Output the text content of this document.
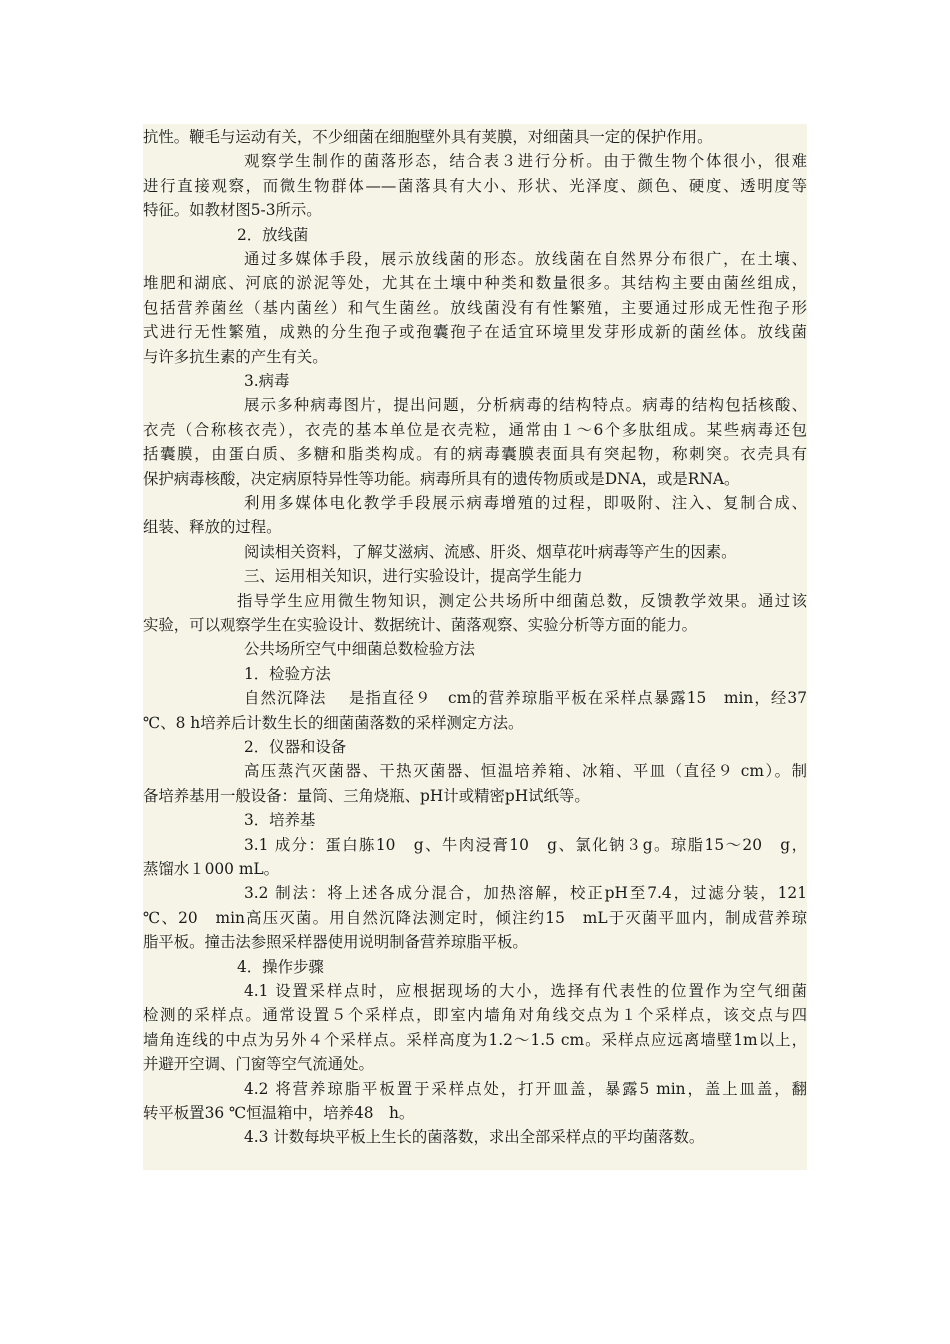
抗性。鞭毛与运动有关，不少细菌在细胞壁外具有荚膜，对细菌具一定的保护作用。
观察学生制作的菌落形态，结合表３进行分析。由于微生物个体很小，很难
进行直接观察，而微生物群体——菌落具有大小、形状、光泽度、颜色、硬度、透明度等
特征。如教材图5-3所示。
2．放线菌
通过多媒体手段，展示放线菌的形态。放线菌在自然界分布很广，在土壤、
堆肥和湖底、河底的淤泥等处，尤其在土壤中种类和数量很多。其结构主要由菌丝组成，
包括营养菌丝（基内菌丝）和气生菌丝。放线菌没有有性繁殖，主要通过形成无性孢子形
式进行无性繁殖，成熟的分生孢子或孢囊孢子在适宜环境里发芽形成新的菌丝体。放线菌
与许多抗生素的产生有关。
3.病毒
展示多种病毒图片，提出问题，分析病毒的结构特点。病毒的结构包括核酸、
衣壳（合称核衣壳），衣壳的基本单位是衣壳粒，通常由１～6个多肽组成。某些病毒还包
括囊膜，由蛋白质、多糖和脂类构成。有的病毒囊膜表面具有突起物，称刺突。衣壳具有
保护病毒核酸，决定病原特异性等功能。病毒所具有的遗传物质或是DNA，或是RNA。
利用多媒体电化教学手段展示病毒增殖的过程，即吸附、注入、复制合成、
组装、释放的过程。
阅读相关资料，了解艾滋病、流感、肝炎、烟草花叶病毒等产生的因素。
三、运用相关知识，进行实验设计，提高学生能力
指导学生应用微生物知识，测定公共场所中细菌总数，反馈教学效果。通过该
实验，可以观察学生在实验设计、数据统计、菌落观察、实验分析等方面的能力。
公共场所空气中细菌总数检验方法
1．检验方法
自然沉降法　 是指直径９　cm的营养琼脂平板在采样点暴露15　min，经37
℃、8 h培养后计数生长的细菌菌落数的采样测定方法。
2．仪器和设备
高压蒸汽灭菌器、干热灭菌器、恒温培养箱、冰箱、平皿（直径９ cm）。制
备培养基用一般设备：量筒、三角烧瓶、pH计或精密pH试纸等。
3．培养基
3.1 成分：蛋白胨10　g、牛肉浸膏10　g、氯化钠３g。琼脂15～20　g，
蒸馏水１000 mL。
3.2 制法：将上述各成分混合，加热溶解，校正pH至7.4，过滤分装，121
℃、20　min高压灭菌。用自然沉降法测定时，倾注约15　mL于灭菌平皿内，制成营养琼
脂平板。撞击法参照采样器使用说明制备营养琼脂平板。
4．操作步骤
4.1 设置采样点时，应根据现场的大小，选择有代表性的位置作为空气细菌
检测的采样点。通常设置５个采样点，即室内墙角对角线交点为１个采样点，该交点与四
墙角连线的中点为另外４个采样点。采样高度为1.2～1.5 cm。采样点应远离墙壁1m以上，
并避开空调、门窗等空气流通处。
4.2 将营养琼脂平板置于采样点处，打开皿盖，暴露5 min，盖上皿盖，翻
转平板置36 ℃恒温箱中，培养48　h。
4.3 计数每块平板上生长的菌落数，求出全部采样点的平均菌落数。
